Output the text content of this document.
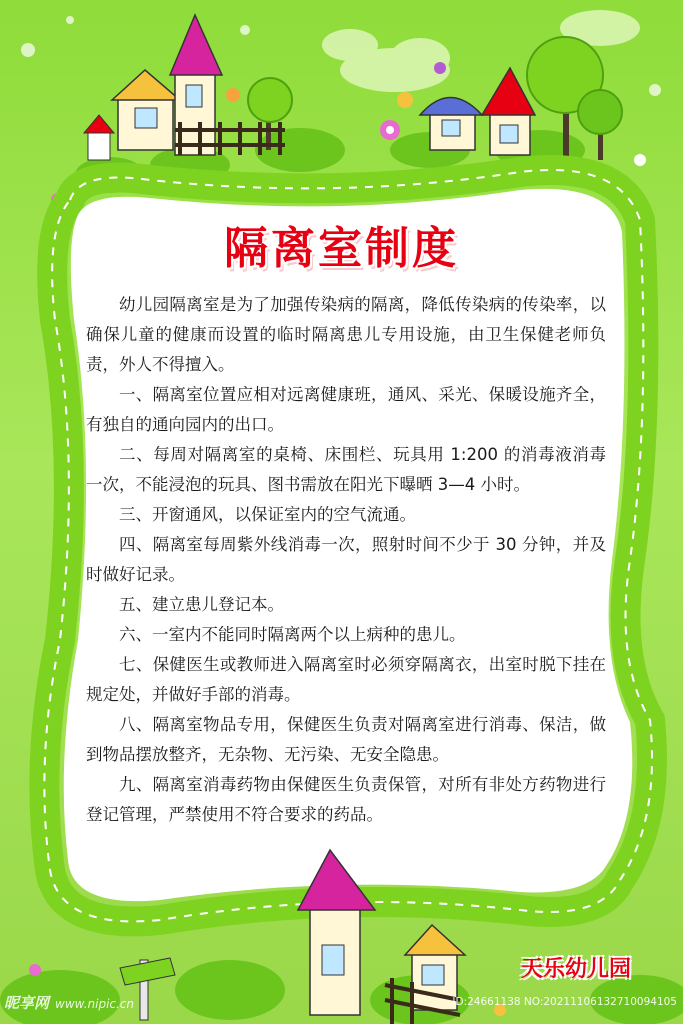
隔离室制度

幼儿园隔离室是为了加强传染病的隔离，降低传染病的传染率，以确保儿童的健康而设置的临时隔离患儿专用设施，由卫生保健老师负责，外人不得擅入。

一、隔离室位置应相对远离健康班，通风、采光、保暖设施齐全，有独自的通向园内的出口。

二、每周对隔离室的桌椅、床围栏、玩具用 1:200 的消毒液消毒一次，不能浸泡的玩具、图书需放在阳光下曝晒 3—4 小时。

三、开窗通风，以保证室内的空气流通。

四、隔离室每周紫外线消毒一次，照射时间不少于 30 分钟，并及时做好记录。

五、建立患儿登记本。

六、一室内不能同时隔离两个以上病种的患儿。

七、保健医生或教师进入隔离室时必须穿隔离衣，出室时脱下挂在规定处，并做好手部的消毒。

八、隔离室物品专用，保健医生负责对隔离室进行消毒、保洁，做到物品摆放整齐，无杂物、无污染、无安全隐患。

九、隔离室消毒药物由保健医生负责保管，对所有非处方药物进行登记管理，严禁使用不符合要求的药品。

天乐幼儿园
昵享网 www.nipic.cn	ID:24661138 NO:20211106132710094105
